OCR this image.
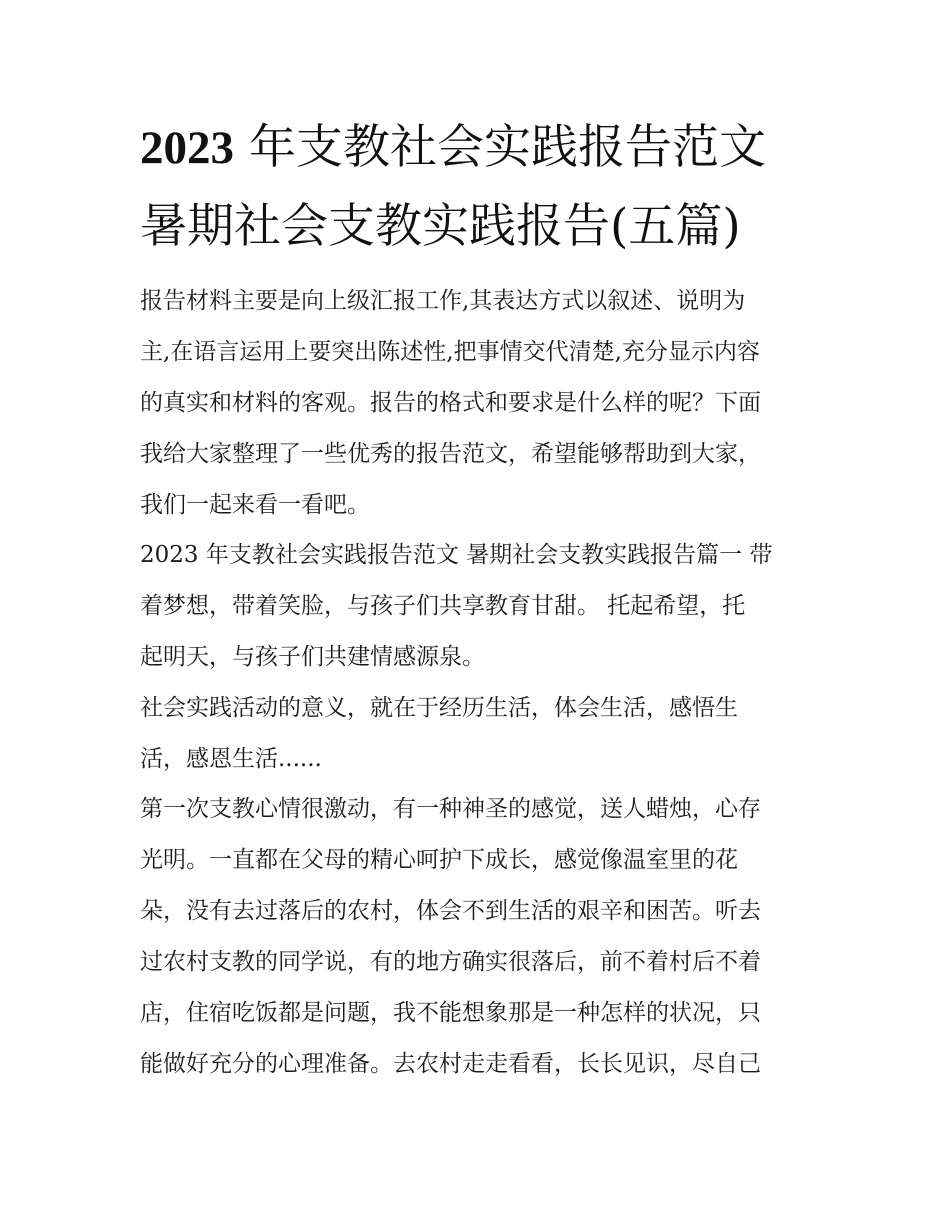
2023 年支教社会实践报告范文
暑期社会支教实践报告(五篇)

报告材料主要是向上级汇报工作,其表达方式以叙述、说明为
主,在语言运用上要突出陈述性,把事情交代清楚,充分显示内容
的真实和材料的客观。报告的格式和要求是什么样的呢？下面
我给大家整理了一些优秀的报告范文，希望能够帮助到大家，
我们一起来看一看吧。

2023 年支教社会实践报告范文 暑期社会支教实践报告篇一 带
着梦想，带着笑脸，与孩子们共享教育甘甜。 托起希望，托
起明天，与孩子们共建情感源泉。

社会实践活动的意义，就在于经历生活，体会生活，感悟生
活，感恩生活......

第一次支教心情很激动，有一种神圣的感觉，送人蜡烛，心存
光明。一直都在父母的精心呵护下成长，感觉像温室里的花
朵，没有去过落后的农村，体会不到生活的艰辛和困苦。听去
过农村支教的同学说，有的地方确实很落后，前不着村后不着
店，住宿吃饭都是问题，我不能想象那是一种怎样的状况，只
能做好充分的心理准备。去农村走走看看，长长见识，尽自己
